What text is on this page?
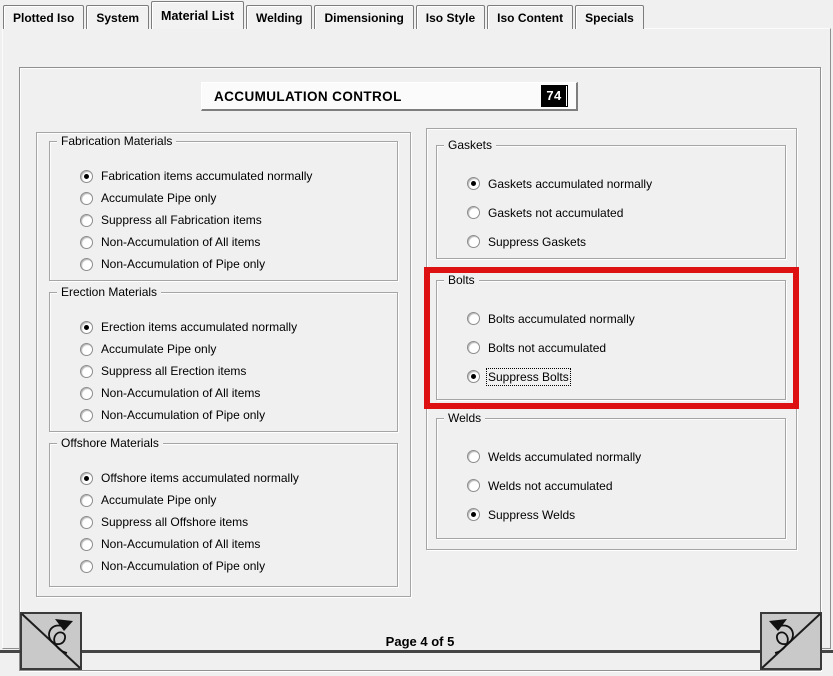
Plotted Iso	System	Material List	Welding	Dimensioning	Iso Style	Iso Content	Specials
ACCUMULATION CONTROL	74
Fabrication Materials
Fabrication items accumulated normally
Accumulate Pipe only
Suppress all Fabrication items
Non-Accumulation of All items
Non-Accumulation of Pipe only
Erection Materials
Erection items accumulated normally
Accumulate Pipe only
Suppress all Erection items
Non-Accumulation of All items
Non-Accumulation of Pipe only
Offshore Materials
Offshore items accumulated normally
Accumulate Pipe only
Suppress all Offshore items
Non-Accumulation of All items
Non-Accumulation of Pipe only
Gaskets
Gaskets accumulated normally
Gaskets not accumulated
Suppress Gaskets
Bolts
Bolts accumulated normally
Bolts not accumulated
Suppress Bolts
Welds
Welds accumulated normally
Welds not accumulated
Suppress Welds
Page 4 of 5
